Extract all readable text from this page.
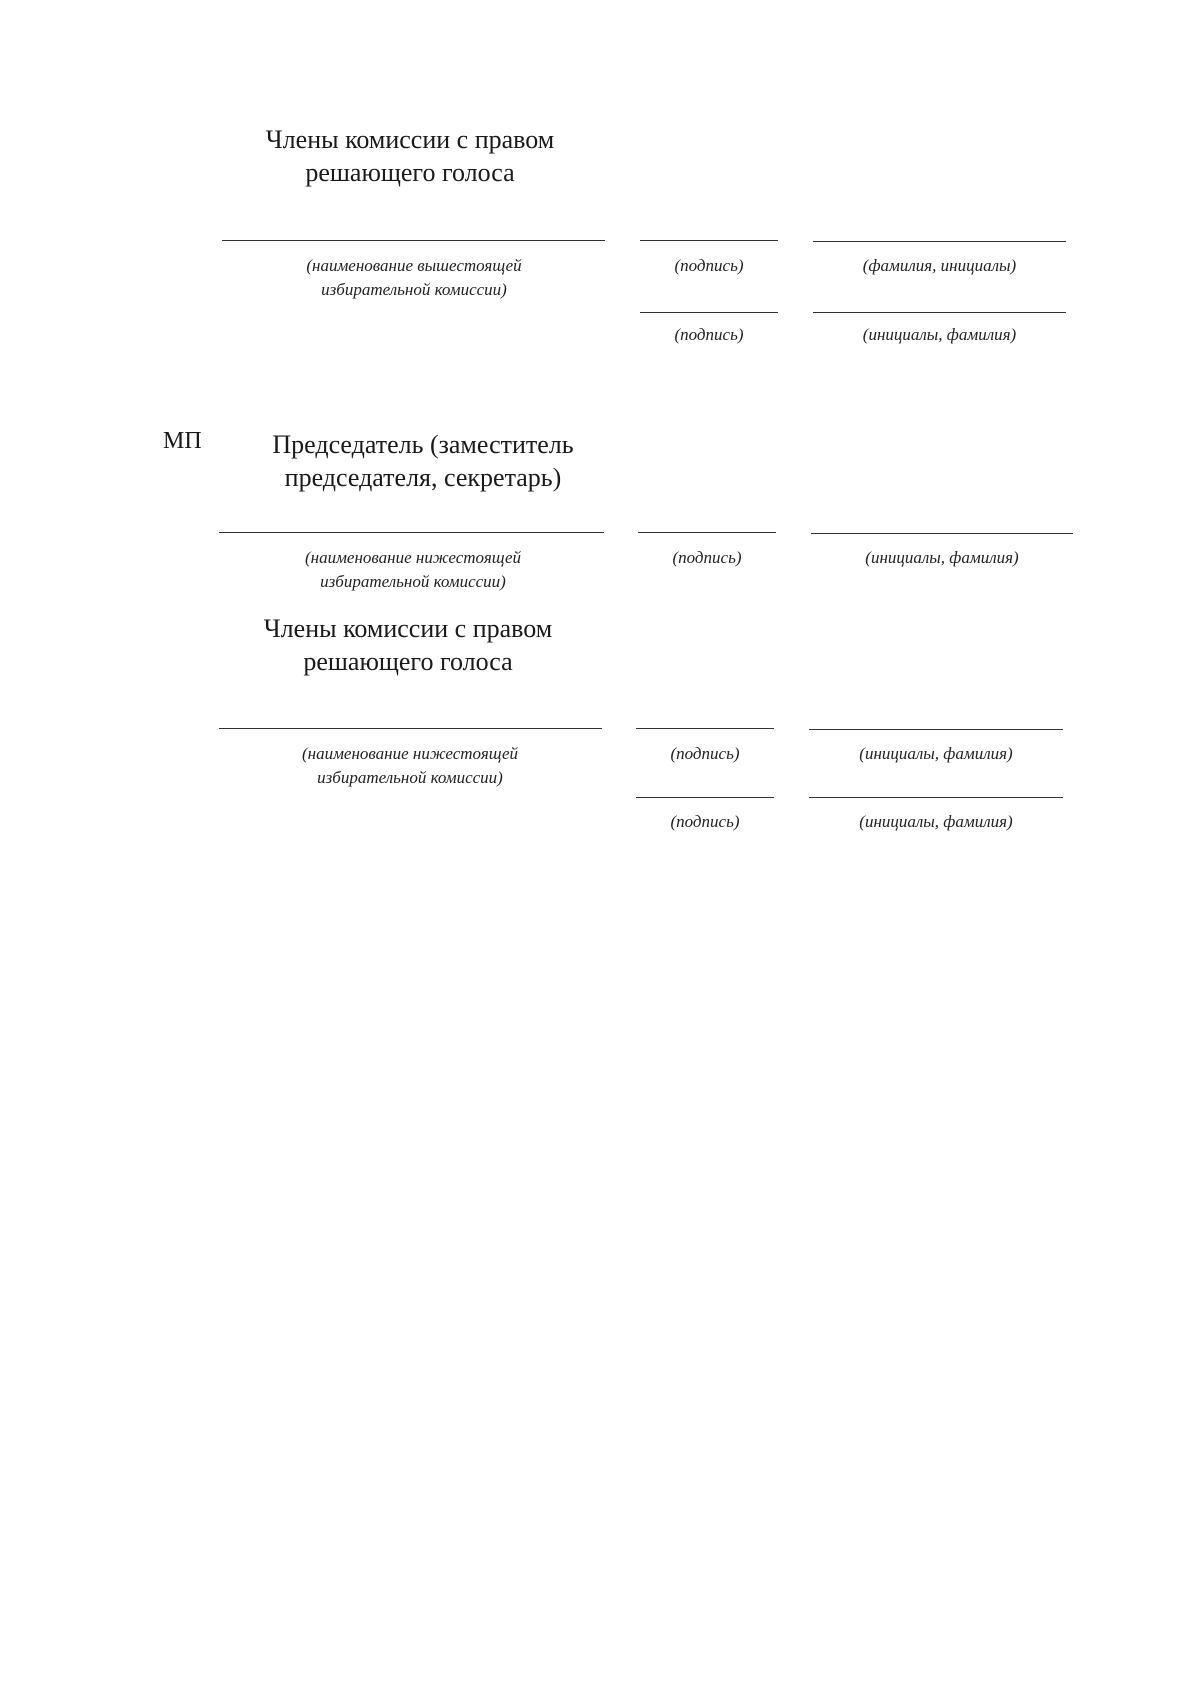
Члены комиссии с правом
решающего голоса
(наименование вышестоящей
избирательной комиссии)
(подпись)	(фамилия, инициалы)
(подпись)	(инициалы, фамилия)
МП	Председатель (заместитель
председателя, секретарь)
(наименование нижестоящей
избирательной комиссии)
(подпись)	(инициалы, фамилия)
Члены комиссии с правом
решающего голоса
(наименование нижестоящей
избирательной комиссии)
(подпись)	(инициалы, фамилия)
(подпись)	(инициалы, фамилия)
